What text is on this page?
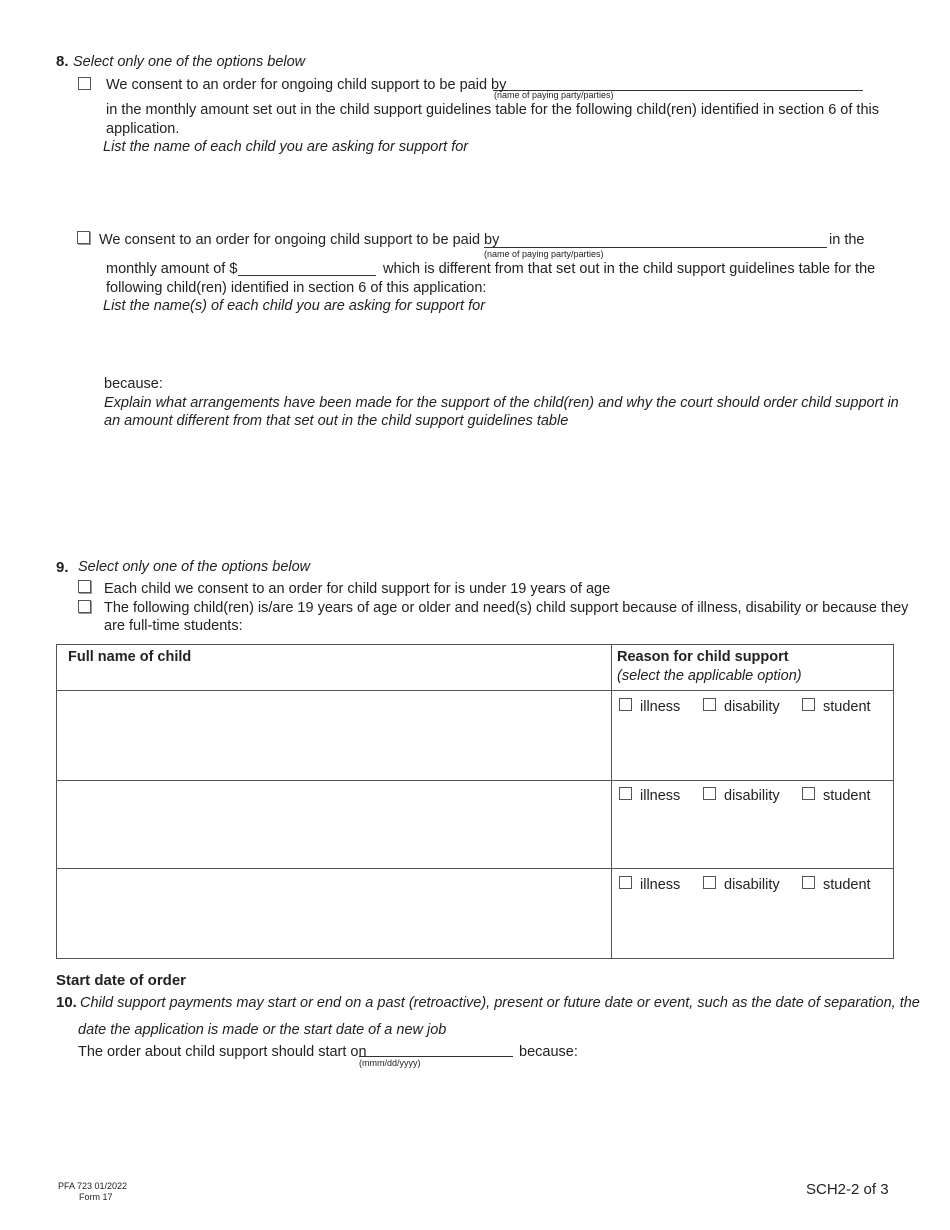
8. Select only one of the options below
We consent to an order for ongoing child support to be paid by
(name of paying party/parties)
in the monthly amount set out in the child support guidelines table for the following child(ren) identified in section 6 of this
application.
List the name of each child you are asking for support for
We consent to an order for ongoing child support to be paid by	in the
(name of paying party/parties)
monthly amount of $	which is different from that set out in the child support guidelines table for the
following child(ren) identified in section 6 of this application:
List the name(s) of each child you are asking for support for
because:
Explain what arrangements have been made for the support of the child(ren) and why the court should order child support in
an amount different from that set out in the child support guidelines table
9. Select only one of the options below
Each child we consent to an order for child support for is under 19 years of age
The following child(ren) is/are 19 years of age or older and need(s) child support because of illness, disability or because they
are full-time students:
Full name of child	Reason for child support
(select the applicable option)
illness	disability	student
illness	disability	student
illness	disability	student
Start date of order
10. Child support payments may start or end on a past (retroactive), present or future date or event, such as the date of separation, the
date the application is made or the start date of a new job
The order about child support should start on
(mmm/dd/yyyy)
because:
PFA 723 01/2022
Form 17	SCH2-2 of 3
